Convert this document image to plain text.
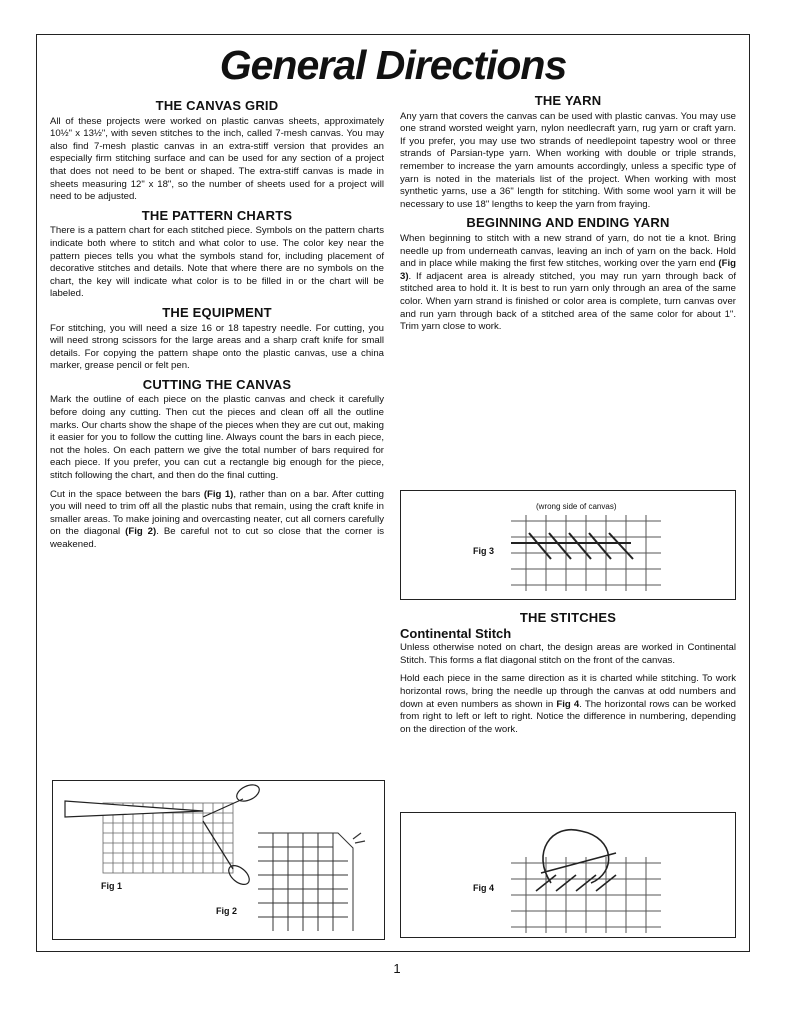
General Directions
THE CANVAS GRID

All of these projects were worked on plastic canvas sheets, approximately 10½" x 13½", with seven stitches to the inch, called 7-mesh canvas. You may also find 7-mesh plastic canvas in an extra-stiff version that provides an especially firm stitching surface and can be used for any section of a project that does not need to be bent or shaped. The extra-stiff canvas is made in sheets measuring 12" x 18", so the number of sheets used for a project will need to be adjusted.

THE PATTERN CHARTS

There is a pattern chart for each stitched piece. Symbols on the pattern charts indicate both where to stitch and what color to use. The color key near the pattern pieces tells you what the symbols stand for, including placement of decorative stitches and details. Note that where there are no symbols on the chart, the key will indicate what color is to be filled in or the chart will be labeled.

THE EQUIPMENT

For stitching, you will need a size 16 or 18 tapestry needle. For cutting, you will need strong scissors for the large areas and a sharp craft knife for small details. For copying the pattern shape onto the plastic canvas, use a china marker, grease pencil or felt pen.

CUTTING THE CANVAS

Mark the outline of each piece on the plastic canvas and check it carefully before doing any cutting. Then cut the pieces and clean off all the outline marks. Our charts show the shape of the pieces when they are cut out, making it easier for you to follow the cutting line. Always count the bars in each piece, not the holes. On each pattern we give the total number of bars required for each piece. If you prefer, you can cut a rectangle big enough for the piece, stitch following the chart, and then do the final cutting.

Cut in the space between the bars (Fig 1), rather than on a bar. After cutting you will need to trim off all the plastic nubs that remain, using the craft knife in smaller areas. To make joining and overcasting neater, cut all corners carefully on the diagonal (Fig 2). Be careful not to cut so close that the corner is weakened.

THE YARN

Any yarn that covers the canvas can be used with plastic canvas. You may use one strand worsted weight yarn, nylon needlecraft yarn, rug yarn or craft yarn. If you prefer, you may use two strands of needlepoint tapestry wool or three strands of Parsian-type yarn. When working with double or triple strands, remember to increase the yarn amounts accordingly, unless a specific type of yarn is noted in the materials list of the project. When working with most synthetic yarns, use a 36" length for stitching. With some wool yarn it will be necessary to use 18" lengths to keep the yarn from fraying.

BEGINNING AND ENDING YARN

When beginning to stitch with a new strand of yarn, do not tie a knot. Bring needle up from underneath canvas, leaving an inch of yarn on the back. Hold and in place while making the first few stitches, working over the yarn end (Fig 3). If adjacent area is already stitched, you may run yarn through back of stitched area to hold it. It is best to run yarn only through an area of the same color. When yarn strand is finished or color area is complete, turn canvas over and run yarn through back of a stitched area of the same color for about 1". Trim yarn close to work.

THE STITCHES
Continental Stitch

Unless otherwise noted on chart, the design areas are worked in Continental Stitch. This forms a flat diagonal stitch on the front of the canvas.

Hold each piece in the same direction as it is charted while stitching. To work horizontal rows, bring the needle up through the canvas at odd numbers and down at even numbers as shown in Fig 4. The horizontal rows can be worked from right to left or left to right. Notice the difference in numbering, depending on the direction of the work.

Fig 1
Fig 2
(wrong side of canvas)
Fig 3
Fig 4
1
